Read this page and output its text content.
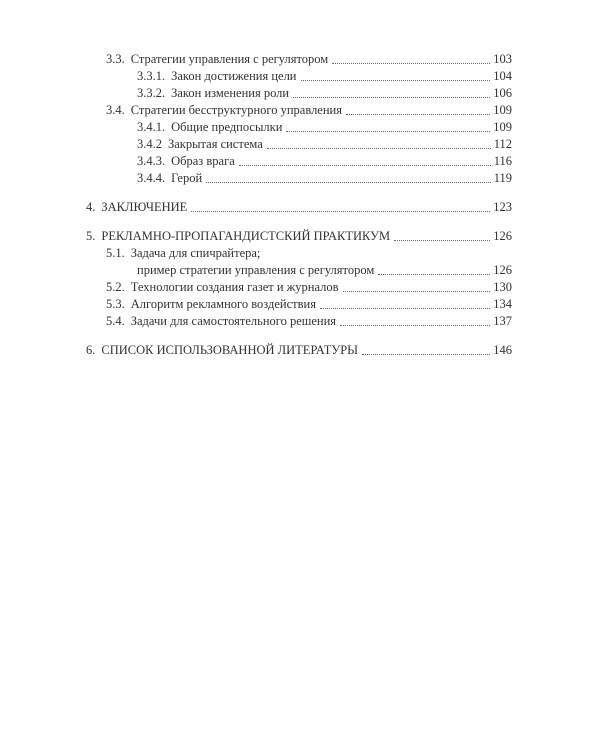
3.3. Стратегии управления с регулятором	103
3.3.1. Закон достижения цели	104
3.3.2. Закон изменения роли	106
3.4. Стратегии бесструктурного управления	109
3.4.1. Общие предпосылки	109
3.4.2 Закрытая система	112
3.4.3. Образ врага	116
3.4.4. Герой	119
4. ЗАКЛЮЧЕНИЕ	123
5. РЕКЛАМНО-ПРОПАГАНДИСТСКИЙ ПРАКТИКУМ	126
5.1. Задача для спичрайтера;
пример стратегии управления с регулятором	126
5.2. Технологии создания газет и журналов	130
5.3. Алгоритм рекламного воздействия	134
5.4. Задачи для самостоятельного решения	137
6. СПИСОК ИСПОЛЬЗОВАННОЙ ЛИТЕРАТУРЫ	146
